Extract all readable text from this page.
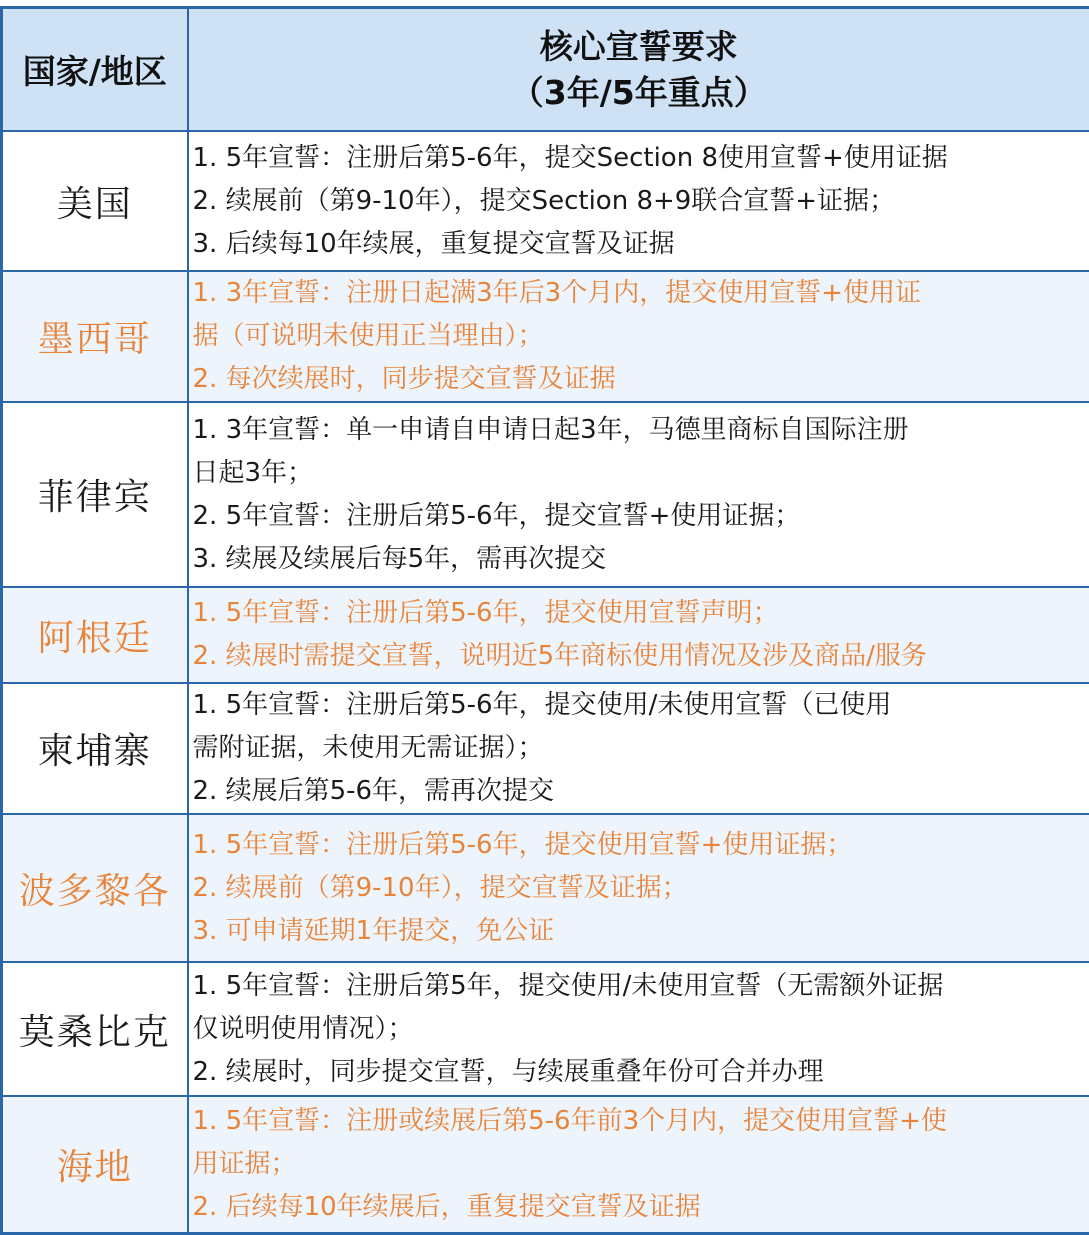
国家/地区	核心宣誓要求
（3年/5年重点）

美国	1. 5年宣誓：注册后第5-6年，提交Section 8使用宣誓+使用证据
2. 续展前（第9-10年），提交Section 8+9联合宣誓+证据；
3. 后续每10年续展，重复提交宣誓及证据

墨西哥	1. 3年宣誓：注册日起满3年后3个月内，提交使用宣誓+使用证
据（可说明未使用正当理由）；
2. 每次续展时，同步提交宣誓及证据

菲律宾	1. 3年宣誓：单一申请自申请日起3年，马德里商标自国际注册
日起3年；
2. 5年宣誓：注册后第5-6年，提交宣誓+使用证据；
3. 续展及续展后每5年，需再次提交

阿根廷	1. 5年宣誓：注册后第5-6年，提交使用宣誓声明；
2. 续展时需提交宣誓，说明近5年商标使用情况及涉及商品/服务

柬埔寨	1. 5年宣誓：注册后第5-6年，提交使用/未使用宣誓（已使用
需附证据，未使用无需证据）；
2. 续展后第5-6年，需再次提交

波多黎各	1. 5年宣誓：注册后第5-6年，提交使用宣誓+使用证据；
2. 续展前（第9-10年），提交宣誓及证据；
3. 可申请延期1年提交，免公证

莫桑比克	1. 5年宣誓：注册后第5年，提交使用/未使用宣誓（无需额外证据
仅说明使用情况）；
2. 续展时，同步提交宣誓，与续展重叠年份可合并办理

海地	1. 5年宣誓：注册或续展后第5-6年前3个月内，提交使用宣誓+使
用证据；
2. 后续每10年续展后，重复提交宣誓及证据
